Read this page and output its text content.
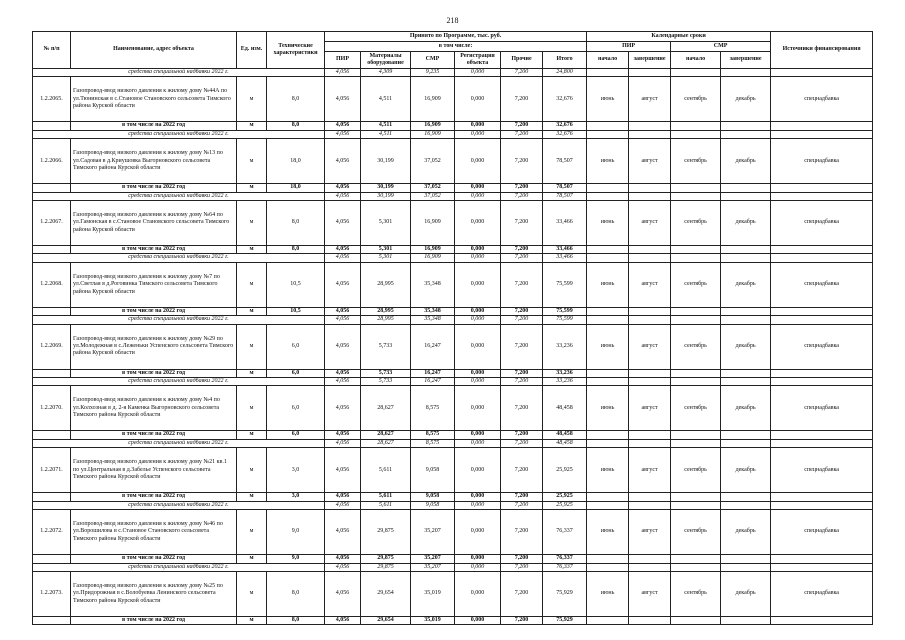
218
№ п/п	Наименование, адрес объекта	Ед. изм.	Технические характеристики	Принято по Программе, тыс. руб.						Календарные сроки				Источники финансирования
				в том числе:						ПИР		СМР		
				ПИР	Материалы оборудование	СМР	Регистрация объекта	Прочие	Итого	начало	завершение	начало	завершение	
средства специальной надбавки 2022 г.				4,056	4,309	9,235	0,000	7,200	24,800					
1.2.2065.	Газопровод-ввод низкого давления к жилому дому №44А по ул.Тюнинская в с.Становое Становского сельсовета Тимского района Курской области	м	8,0	4,056	4,511	16,909	0,000	7,200	32,676	июнь	август	сентябрь	декабрь	спецнадбавка
	в том числе на 2022 год	м	8,0	4,056	4,511	16,909	0,000	7,200	32,676					
средства специальной надбавки 2022 г.				4,056	4,511	16,909	0,000	7,200	32,676					
1.2.2066.	Газопровод-ввод низкого давления к жилому дому №13 по ул.Садовая в д.Криушовка Выгорновского сельсовета Тимского района Курской области	м	18,0	4,056	30,199	37,052	0,000	7,200	78,507	июнь	август	сентябрь	декабрь	спецнадбавка
	в том числе на 2022 год	м	18,0	4,056	30,199	37,052	0,000	7,200	78,507					
средства специальной надбавки 2022 г.				4,056	30,199	37,052	0,000	7,200	78,507					
1.2.2067.	Газопровод-ввод низкого давления к жилому дому №64 по ул.Гамонская в с.Становое Становского сельсовета Тимского района Курской области	м	8,0	4,056	5,301	16,909	0,000	7,200	33,466	июнь	август	сентябрь	декабрь	спецнадбавка
	в том числе на 2022 год	м	8,0	4,056	5,301	16,909	0,000	7,200	33,466					
средства специальной надбавки 2022 г.				4,056	5,301	16,909	0,000	7,200	33,466					
1.2.2068.	Газопровод-ввод низкого давления к жилому дому №7 по ул.Светлая в д.Роговинка Тимского сельсовета Тимского района Курской области	м	10,5	4,056	28,995	35,348	0,000	7,200	75,599	июнь	август	сентябрь	декабрь	спецнадбавка
	в том числе на 2022 год	м	10,5	4,056	28,995	35,348	0,000	7,200	75,599					
средства специальной надбавки 2022 г.				4,056	28,995	35,348	0,000	7,200	75,599					
1.2.2069.	Газопровод-ввод низкого давления к жилому дому №29 по ул.Молодежная в с.Леженьки Успенского сельсовета Тимского района Курской области	м	6,0	4,056	5,733	16,247	0,000	7,200	33,236	июнь	август	сентябрь	декабрь	спецнадбавка
	в том числе на 2022 год	м	6,0	4,056	5,733	16,247	0,000	7,200	33,236					
средства специальной надбавки 2022 г.				4,056	5,733	16,247	0,000	7,200	33,236					
1.2.2070.	Газопровод-ввод низкого давления к жилому дому №4 по ул.Колхозная в д. 2-я Каменка Выгорновского сельсовета Тимского района Курской области	м	6,0	4,056	28,627	8,575	0,000	7,200	48,458	июнь	август	сентябрь	декабрь	спецнадбавка
	в том числе на 2022 год	м	6,0	4,056	28,627	8,575	0,000	7,200	48,458					
средства специальной надбавки 2022 г.				4,056	28,627	8,575	0,000	7,200	48,458					
1.2.2071.	Газопровод-ввод низкого давления к жилому дому №21 кв.1 по ул.Центральная в д.Забелье Успенского сельсовета Тимского района Курской области	м	3,0	4,056	5,611	9,058	0,000	7,200	25,925	июнь	август	сентябрь	декабрь	спецнадбавка
	в том числе на 2022 год	м	3,0	4,056	5,611	9,058	0,000	7,200	25,925					
средства специальной надбавки 2022 г.				4,056	5,611	9,058	0,000	7,200	25,925					
1.2.2072.	Газопровод-ввод низкого давления к жилому дому №46 по ул.Ворошилова в с.Становое Становского сельсовета Тимского района Курской области	м	9,0	4,056	29,875	35,207	0,000	7,200	76,337	июнь	август	сентябрь	декабрь	спецнадбавка
	в том числе на 2022 год	м	9,0	4,056	29,875	35,207	0,000	7,200	76,337					
средства специальной надбавки 2022 г.				4,056	29,875	35,207	0,000	7,200	76,337					
1.2.2073.	Газопровод-ввод низкого давления к жилому дому №25 по ул.Придорожная в с.Волобуевка Ленинского сельсовета Тимского района Курской области	м	8,0	4,056	29,654	35,019	0,000	7,200	75,929	июнь	август	сентябрь	декабрь	спецнадбавка
	в том числе на 2022 год	м	8,0	4,056	29,654	35,019	0,000	7,200	75,929					
